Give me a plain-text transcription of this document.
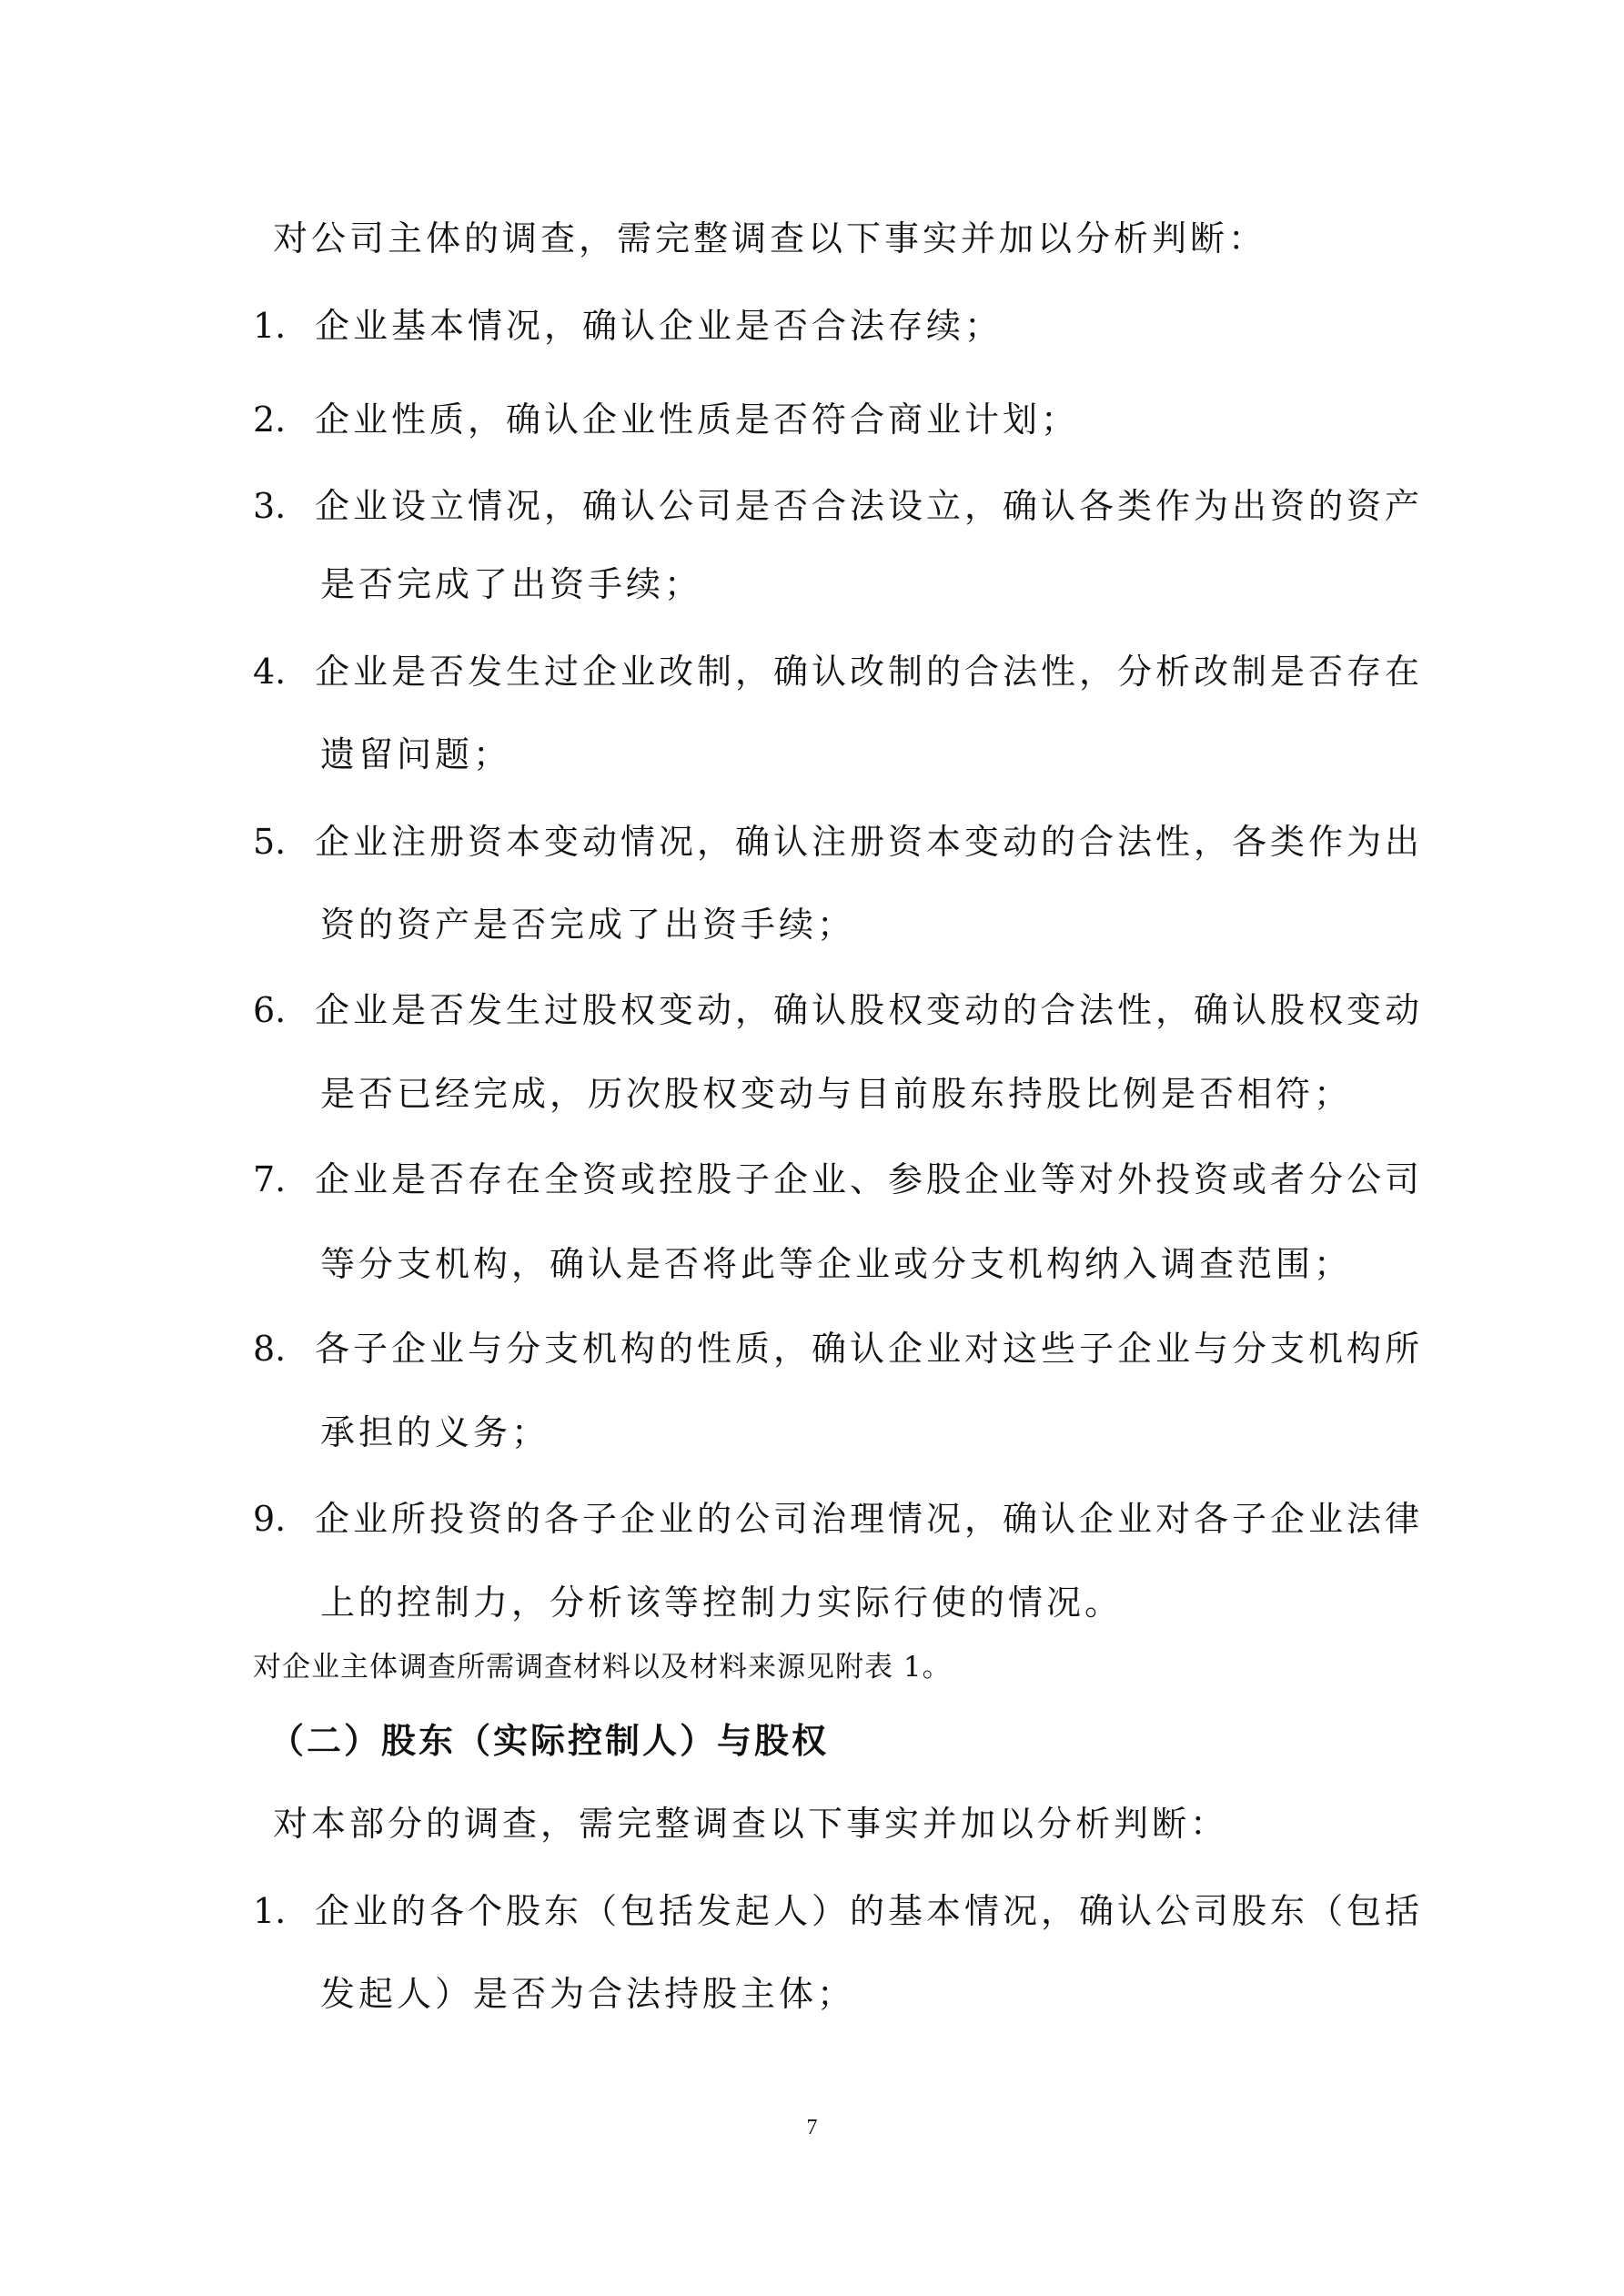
对公司主体的调查，需完整调查以下事实并加以分析判断：
1. 企业基本情况，确认企业是否合法存续；
2. 企业性质，确认企业性质是否符合商业计划；
3. 企业设立情况，确认公司是否合法设立，确认各类作为出资的资产
是否完成了出资手续；
4. 企业是否发生过企业改制，确认改制的合法性，分析改制是否存在
遗留问题；
5. 企业注册资本变动情况，确认注册资本变动的合法性，各类作为出
资的资产是否完成了出资手续；
6. 企业是否发生过股权变动，确认股权变动的合法性，确认股权变动
是否已经完成，历次股权变动与目前股东持股比例是否相符；
7. 企业是否存在全资或控股子企业、参股企业等对外投资或者分公司
等分支机构，确认是否将此等企业或分支机构纳入调查范围；
8. 各子企业与分支机构的性质，确认企业对这些子企业与分支机构所
承担的义务；
9. 企业所投资的各子企业的公司治理情况，确认企业对各子企业法律
上的控制力，分析该等控制力实际行使的情况。
对企业主体调查所需调查材料以及材料来源见附表 1。
（二）股东（实际控制人）与股权
对本部分的调查，需完整调查以下事实并加以分析判断：
1. 企业的各个股东（包括发起人）的基本情况，确认公司股东（包括
发起人）是否为合法持股主体；
7
